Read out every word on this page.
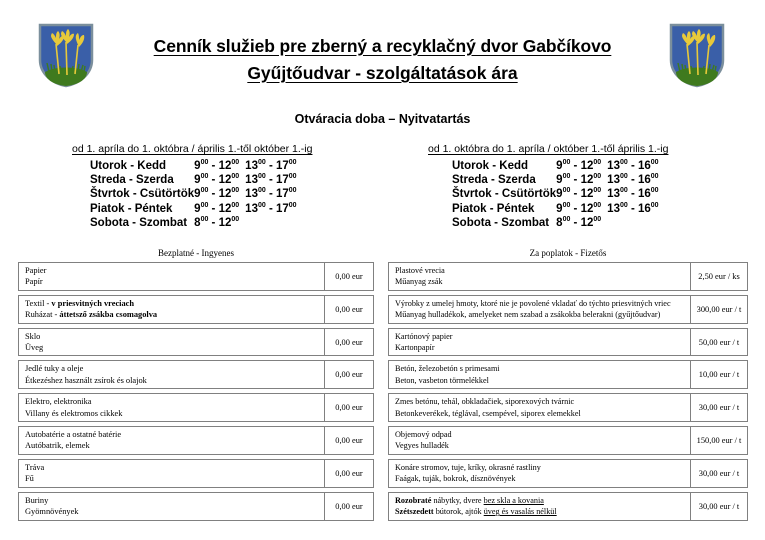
Cenník služieb pre zberný a recyklačný dvor Gabčíkovo
Gyűjtőudvar - szolgáltatások ára
Otváracia doba – Nyitvatartás
od 1. apríla do 1. októbra / április 1.-től október 1.-ig
Utorok - Kedd	$9^{00} - 12^{00}$ $13^{00} - 17^{00}$
Streda - Szerda	$9^{00} - 12^{00}$ $13^{00} - 17^{00}$
Štvrtok - Csütörtök	$9^{00} - 12^{00}$ $13^{00} - 17^{00}$
Piatok - Péntek	$9^{00} - 12^{00}$ $13^{00} - 17^{00}$
Sobota - Szombat	$8^{00} - 12^{00}$
od 1. októbra do 1. apríla / október 1.-től április 1.-ig
Utorok - Kedd	$9^{00} - 12^{00}$ $13^{00} - 16^{00}$
Streda - Szerda	$9^{00} - 12^{00}$ $13^{00} - 16^{00}$
Štvrtok - Csütörtök	$9^{00} - 12^{00}$ $13^{00} - 16^{00}$
Piatok - Péntek	$9^{00} - 12^{00}$ $13^{00} - 16^{00}$
Sobota - Szombat	$8^{00} - 12^{00}$
Bezplatné - Ingyenes	Za poplatok - Fizetős
Papier
Papír
0,00 eur
Textil - v priesvitných vreciach
Ruházat - áttetsző zsákba csomagolva
0,00 eur
Sklo
Üveg
0,00 eur
Jedlé tuky a oleje
Étkezéshez használt zsírok és olajok
0,00 eur
Elektro, elektronika
Villany és elektromos cikkek
0,00 eur
Autobatérie a ostatné batérie
Autóbatrik, elemek
0,00 eur
Tráva
Fű
0,00 eur
Buriny
Gyömnövények
0,00 eur
Plastové vrecia
Műanyag zsák
2,50 eur / ks
Výrobky z umelej hmoty, ktoré nie je povolené vkladať do týchto priesvitných vriec
Műanyag hulladékok, amelyeket nem szabad a zsákokba belerakni (gyűjtőudvar)
300,00 eur / t
Kartónový papier
Kartonpapír
50,00 eur / t
Betón, železobetón s primesami
Beton, vasbeton törmelékkel
10,00 eur / t
Zmes betónu, tehál, obkladačiek, siporexových tvárnic
Betonkeverékek, téglával, csempével, siporex elemekkel
30,00 eur / t
Objemový odpad
Vegyes hulladék
150,00 eur / t
Konáre stromov, tuje, kríky, okrasné rastliny
Faágak, tuják, bokrok, dísznövények
30,00 eur / t
Rozobraté nábytky, dvere bez skla a kovania
Szétszedett bútorok, ajtók üveg és vasalás nélkül
30,00 eur / t
